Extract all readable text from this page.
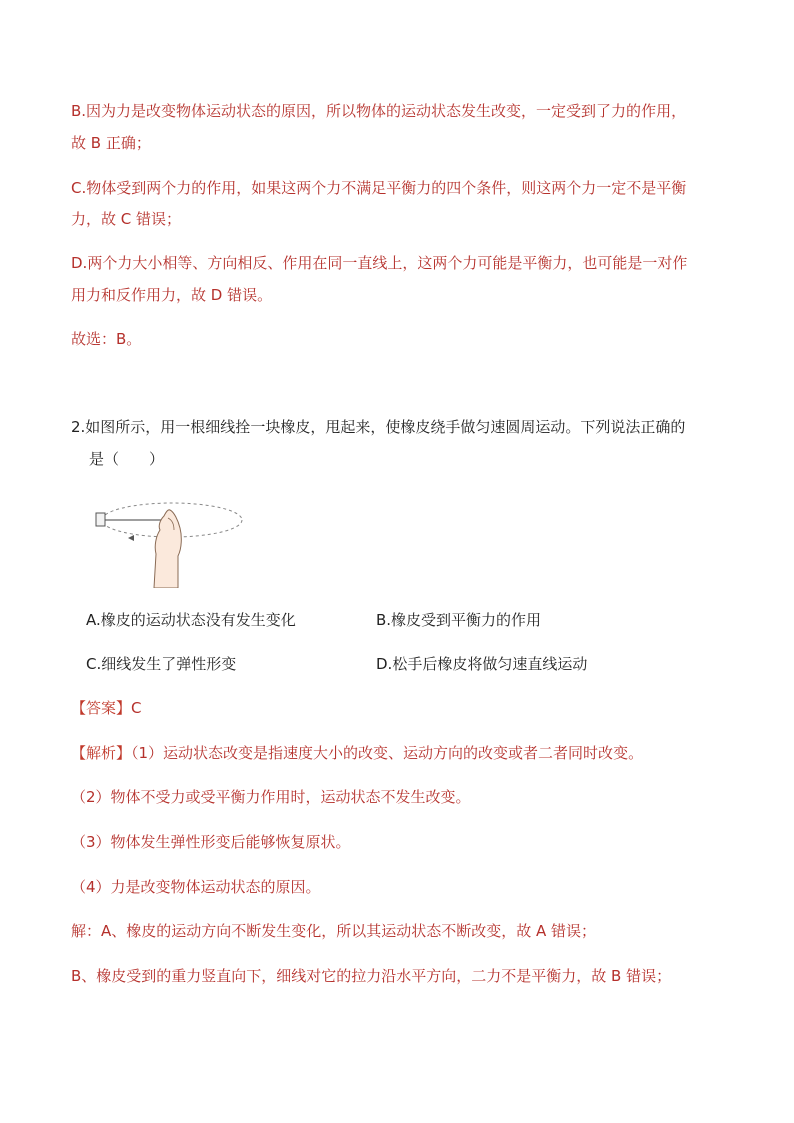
B.因为力是改变物体运动状态的原因，所以物体的运动状态发生改变，一定受到了力的作用，
故 B 正确；
C.物体受到两个力的作用，如果这两个力不满足平衡力的四个条件，则这两个力一定不是平衡
力，故 C 错误；
D.两个力大小相等、方向相反、作用在同一直线上，这两个力可能是平衡力，也可能是一对作
用力和反作用力，故 D 错误。
故选：B。
2.如图所示，用一根细线拴一块橡皮，甩起来，使橡皮绕手做匀速圆周运动。下列说法正确的
是（　　）
A.橡皮的运动状态没有发生变化	B.橡皮受到平衡力的作用
C.细线发生了弹性形变	D.松手后橡皮将做匀速直线运动
【答案】C
【解析】（1）运动状态改变是指速度大小的改变、运动方向的改变或者二者同时改变。
（2）物体不受力或受平衡力作用时，运动状态不发生改变。
（3）物体发生弹性形变后能够恢复原状。
（4）力是改变物体运动状态的原因。
解：A、橡皮的运动方向不断发生变化，所以其运动状态不断改变，故 A 错误；
B、橡皮受到的重力竖直向下，细线对它的拉力沿水平方向，二力不是平衡力，故 B 错误；
